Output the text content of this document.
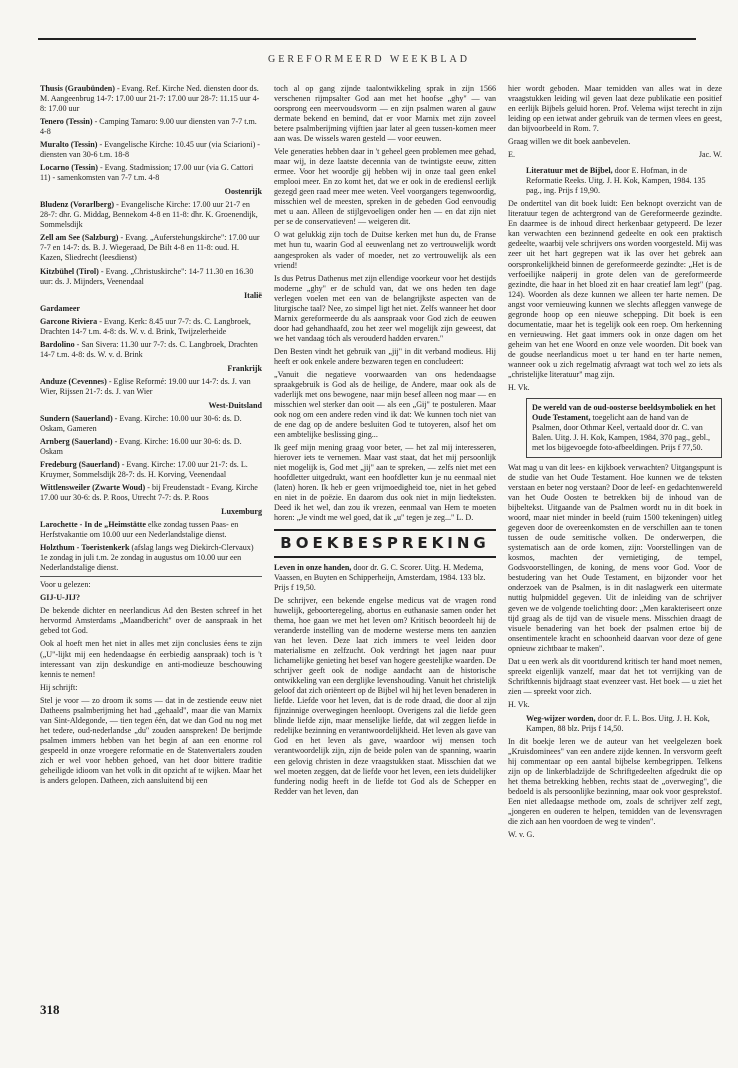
GEREFORMEERD WEEKBLAD
Thusis (Graubünden) - Evang. Ref. Kirche Ned. diensten door ds. M. Aangeenbrug 14-7: 17.00 uur 21-7: 17.00 uur 28-7: 11.15 uur 4-8: 17.00 uur
Tenero (Tessin) - Camping Tamaro: 9.00 uur diensten van 7-7 t.m. 4-8
Muralto (Tessin) - Evangelische Kirche: 10.45 uur (via Sciarioni) - diensten van 30-6 t.m. 18-8
Locarno (Tessin) - Evang. Stadmission; 17.00 uur (via G. Cattori 11) - samenkomsten van 7-7 t.m. 4-8
Oostenrijk
Bludenz (Vorarlberg) - Evangelische Kirche: 17.00 uur 21-7 en 28-7: dhr. G. Middag, Bennekom 4-8 en 11-8: dhr. K. Groenendijk, Sommelsdijk
Zell am See (Salzburg) - Evang. „Auferstehungskirche": 17.00 uur 7-7 en 14-7: ds. B. J. Wiegeraad, De Bilt 4-8 en 11-8: oud. H. Kazen, Sliedrecht (leesdienst)
Kitzbühel (Tirol) - Evang. „Christuskirche": 14-7 11.30 en 16.30 uur: ds. J. Mijnders, Veenendaal
Italië
Gardameer
Garcone Riviera - Evang. Kerk: 8.45 uur 7-7: ds. C. Langbroek, Drachten 14-7 t.m. 4-8: ds. W. v. d. Brink, Twijzelerheide
Bardolino - San Sivera: 11.30 uur 7-7: ds. C. Langbroek, Drachten 14-7 t.m. 4-8: ds. W. v. d. Brink
Frankrijk
Anduze (Cevennes) - Eglise Reformé: 19.00 uur 14-7: ds. J. van Wier, Rijssen 21-7: ds. J. van Wier
West-Duitsland
Sundern (Sauerland) - Evang. Kirche: 10.00 uur 30-6: ds. D. Oskam, Gameren
Arnberg (Sauerland) - Evang. Kirche: 16.00 uur 30-6: ds. D. Oskam
Fredeburg (Sauerland) - Evang. Kirche: 17.00 uur 21-7: ds. L. Kruymer, Sommelsdijk 28-7: ds. H. Korving, Veenendaal
Wittlensweiler (Zwarte Woud) - bij Freudenstadt - Evang. Kirche 17.00 uur 30-6: ds. P. Roos, Utrecht 7-7: ds. P. Roos
Luxemburg
Larochette - In de „Heimstätte elke zondag tussen Paas- en Herfstvakantie om 10.00 uur een Nederlandstalige dienst.
Holzthum - Toeristenkerk (afslag langs weg Diekirch-Clervaux) 1e zondag in juli t.m. 2e zondag in augustus om 10.00 uur een Nederlandstalige dienst.

Voor u gelezen:

GIJ-U-JIJ?

De bekende dichter en neerlandicus Ad den Besten schreef in het hervormd Amsterdams „Maandbericht" over de aanspraak in het gebed tot God.

Ook al hoeft men het niet in alles met zijn conclusies éens te zijn („U"-lijkt mij een hedendaagse én eerbiedig aanspraak) toch is 't interessant van zijn deskundige en anti-modieuze beschouwing kennis te nemen!

Hij schrijft:

Stel je voor — zo droom ik soms — dat in de zestiende eeuw niet Datheens psalmberijming het had „gehaald", maar die van Marnix van Sint-Aldegonde, — tien tegen één, dat we dan God nu nog met het tedere, oud-nederlandse „du" zouden aanspreken! De berijmde psalmen immers hebben van het begin af aan een enorme rol gespeeld in onze vroegere reformatie en de Statenvertalers zouden zich er wel voor hebben gehoed, van het door bittere traditie geheiligde idioom van het volk in dit opzicht af te wijken. Maar het is anders gelopen. Datheen, zich aansluitend bij een

toch al op gang zijnde taalontwikkeling sprak in zijn 1566 verschenen rijmpsalter God aan met het hoofse „ghy" — van oorsprong een meervoudsvorm — en zijn psalmen waren al gauw dermate bekend en bemind, dat er voor Marnix met zijn zoveel betere psalmberijming vijftien jaar later al geen tussen-komen meer aan was. De wissels waren gesteld — voor eeuwen.

Vele generaties hebben daar in 't geheel geen problemen mee gehad, maar wij, in deze laatste decennia van de twintigste eeuw, zitten ermee. Voor het woordje gij hebben wij in onze taal geen enkel emplooi meer. En zo komt het, dat we er ook in de erediensl eerlijk gezegd geen raad meer mee weten. Veel voorgangers tegenwoordig, misschien wel de meesten, spreken in de gebeden God eenvoudig met u aan. Alleen de stijlgevoeligen onder hen — en dat zijn niet per se de conservatieven! — weigeren dit.

O wat gelukkig zijn toch de Duitse kerken met hun du, de Franse met hun tu, waarin God al eeuwenlang net zo vertrouwelijk wordt aangesproken als vader of moeder, net zo vertrouwelijk als een vriend!

Is dus Petrus Dathenus met zijn ellendige voorkeur voor het destijds moderne „ghy" er de schuld van, dat we ons heden ten dage verlegen voelen met een van de belangrijkste aspecten van de liturgische taal? Nee, zo simpel ligt het niet. Zelfs wanneer het door Marnix gereformeerde du als aanspraak voor God zich de eeuwen door had gehandhaafd, zou het zeer wel mogelijk zijn geweest, dat we het vandaag tóch als verouderd hadden ervaren."

Den Besten vindt het gebruik van „jij" in dit verband modieus. Hij heeft er ook enkele andere bezwaren tegen en concludeert:

„Vanuit die negatieve voorwaarden van ons hedendaagse spraakgebruik is God als de heilige, de Andere, maar ook als de vaderlijk met ons bewogene, naar mijn besef alleen nog maar — en misschien wel sterker dan ooit — als een „Gij" te postuleren. Maar ook nog om een andere reden vind ik dat: We kunnen toch niet van de ene dag op de andere besluiten God te tutoyeren, alsof het om een ambtelijke beslissing ging...

Ik geef mijn mening graag voor beter, — het zal mij interesseren, hierover iets te vernemen. Maar vast staat, dat het mij persoonlijk niet mogelijk is, God met „jij" aan te spreken, — zelfs niet met een hoofdletter uitgedrukt, want een hoofdletter kun je nu eenmaal niet (laten) horen. Ik heb er geen vrijmoedigheid toe, niet in het gebed en niet in de poëzie. En daarom dus ook niet in mijn liedteksten. Deed ik het wel, dan zou ik vrezen, eenmaal van Hem te moeten horen: „Je vindt me wel goed, dat ik „u" tegen je zeg..." L. D.

BOEKBESPREKING
Leven in onze handen, door dr. G. C. Scorer. Uitg. H. Medema, Vaassen, en Buyten en Schipperheijn, Amsterdam, 1984. 133 blz. Prijs f 19,50.

De schrijver, een bekende engelse medicus vat de vragen rond huwelijk, geboorteregeling, abortus en euthanasie samen onder het thema, hoe gaan we met het leven om? Kritisch beoordeelt hij de veranderde instelling van de moderne westerse mens ten aanzien van het leven. Deze laat zich immers te veel leiden door materialisme en zelfzucht. Ook verdringt het jagen naar puur lichamelijke genieting het besef van hogere geestelijke waarden. De schrijver geeft ook de nodige aandacht aan de historische ontwikkeling van een derglijke levenshouding. Vanuit het christelijk geloof dat zich oriënteert op de Bijbel wil hij het leven benaderen in liefde. Liefde voor het leven, dat is de rode draad, die door al zijn fijnzinnige overwegingen heenloopt. Overigens zal die liefde geen blinde liefde zijn, maar menselijke liefde, dat wil zeggen liefde in redelijke bezinning en verantwoordelijkheid. Het leven als gave van God en het leven als gave, waardoor wij mensen toch verantwoordelijk zijn, zijn de beide polen van de spanning, waarin een gelovig christen in deze vraagstukken staat. Misschien dat we wel moeten zeggen, dat de liefde voor het leven, een iets duidelijker fundering nodig heeft in de liefde tot God als de Schepper en Redder van het leven, dan

hier wordt geboden. Maar temidden van alles wat in deze vraagstukken leiding wil geven laat deze publikatie een positief en eerlijk Bijbels geluid horen. Prof. Velema wijst terecht in zijn leiding op een ietwat ander gebruik van de termen vlees en geest, dan bijvoorbeeld in Rom. 7.

Graag willen we dit boek aanbevelen.

E.	Jac. W.
Literatuur met de Bijbel, door E. Hofman, in de Reformatie Reeks. Uitg. J. H. Kok, Kampen, 1984. 135 pag., ing. Prijs f 19,90.

De ondertitel van dit boek luidt: Een beknopt overzicht van de literatuur tegen de achtergrond van de Gereformeerde gezindte. En daarmee is de inhoud direct herkenbaar getypeerd. De lezer kan verwachten een bezinnend gedeelte en ook een praktisch gedeelte, waarbij vele schrijvers ons worden voorgesteld. Mij was zeer uit het hart gegrepen wat ik las over het gebrek aan oorspronkelijkheid binnen de gereformeerde gezindte: „Het is de verfoeilijke naäperij in grote delen van de gereformeerde gezindte, die haar in het bloed zit en haar creatief lam legt" (pag. 124). Woorden als deze kunnen we alleen ter harte nemen. De angst voor vernieuwing kunnen we slechts afleggen vanwege de gegronde hoop op een nieuwe schepping. Dit boek is een documentatie, maar het is tegelijk ook een roep. Om herkenning en vernieuwing. Het gaat immers ook in onze dagen om het geheim van het ene Woord en onze vele woorden. Dit boek van de goudse neerlandicus moet u ter hand en ter harte nemen, wanneer ook u zich regelmatig afvraagt wat toch wel zo iets als „christelijke literatuur" mag zijn.

H. Vk.

De wereld van de oud-oosterse beeldsymboliek en het Oude Testament, toegelicht aan de hand van de Psalmen, door Othmar Keel, vertaald door dr. C. van Balen. Uitg. J. H. Kok, Kampen, 1984, 370 pag., gebl., met los bijgevoegde foto-afbeeldingen. Prijs f 77,50.

Wat mag u van dit lees- en kijkboek verwachten? Uitgangspunt is de studie van het Oude Testament. Hoe kunnen we de teksten verstaan en beter nog verstaan? Door de leef- en gedachtenwereld van het Oude Oosten te betrekken bij de inhoud van de bijbeltekst. Uitgaande van de Psalmen wordt nu in dit boek in woord, maar niet minder in beeld (ruim 1500 tekeningen) uitleg gegeven door de overeenkomsten en de verschillen aan te tonen tussen de oude semitische volken. De onderwerpen, die systematisch aan de orde komen, zijn: Voorstellingen van de kosmos, machten der vernietiging, de tempel, Godsvoorstellingen, de koning, de mens voor God. Voor de bestudering van het Oude Testament, en bijzonder voor het onderzoek van de Psalmen, is in dit naslagwerk een uitermate nuttig hulpmiddel gegeven. Uit de inleiding van de schrijver geven we de volgende toelichting door: „Men karakteriseert onze tijd graag als de tijd van de visuele mens. Misschien draagt de visuele benadering van het boek der psalmen ertoe bij de onsentimentele kracht en schoonheid daarvan voor deze of gene opnieuw zichtbaar te maken".

Dat u een werk als dit voortdurend kritisch ter hand moet nemen, spreekt eigenlijk vanzelf, maar dat het tot verrijking van de Schriftkennis bijdraagt staat evenzeer vast. Het boek — u ziet het zien — spreekt voor zich.

H. Vk.

Weg-wijzer worden, door dr. F. L. Bos. Uitg. J. H. Kok, Kampen, 88 blz. Prijs f 14,50.

In dit boekje leren we de auteur van het veelgelezen boek „Kruisdominees" van een andere zijde kennen. In versvorm geeft hij commentaar op een aantal bijbelse kernbegrippen. Telkens zijn op de linkerbladzijde de Schriftgedeelten afgedrukt die op het thema betrekking hebben, rechts staat de „overweging", die bedoeld is als persoonlijke bezinning, maar ook voor gesprekstof. Een niet alledaagse methode om, zoals de schrijver zelf zegt, „jongeren en ouderen te helpen, temidden van de levensvragen die zich aan hen voordoen de weg te vinden".

W. v. G.

318
